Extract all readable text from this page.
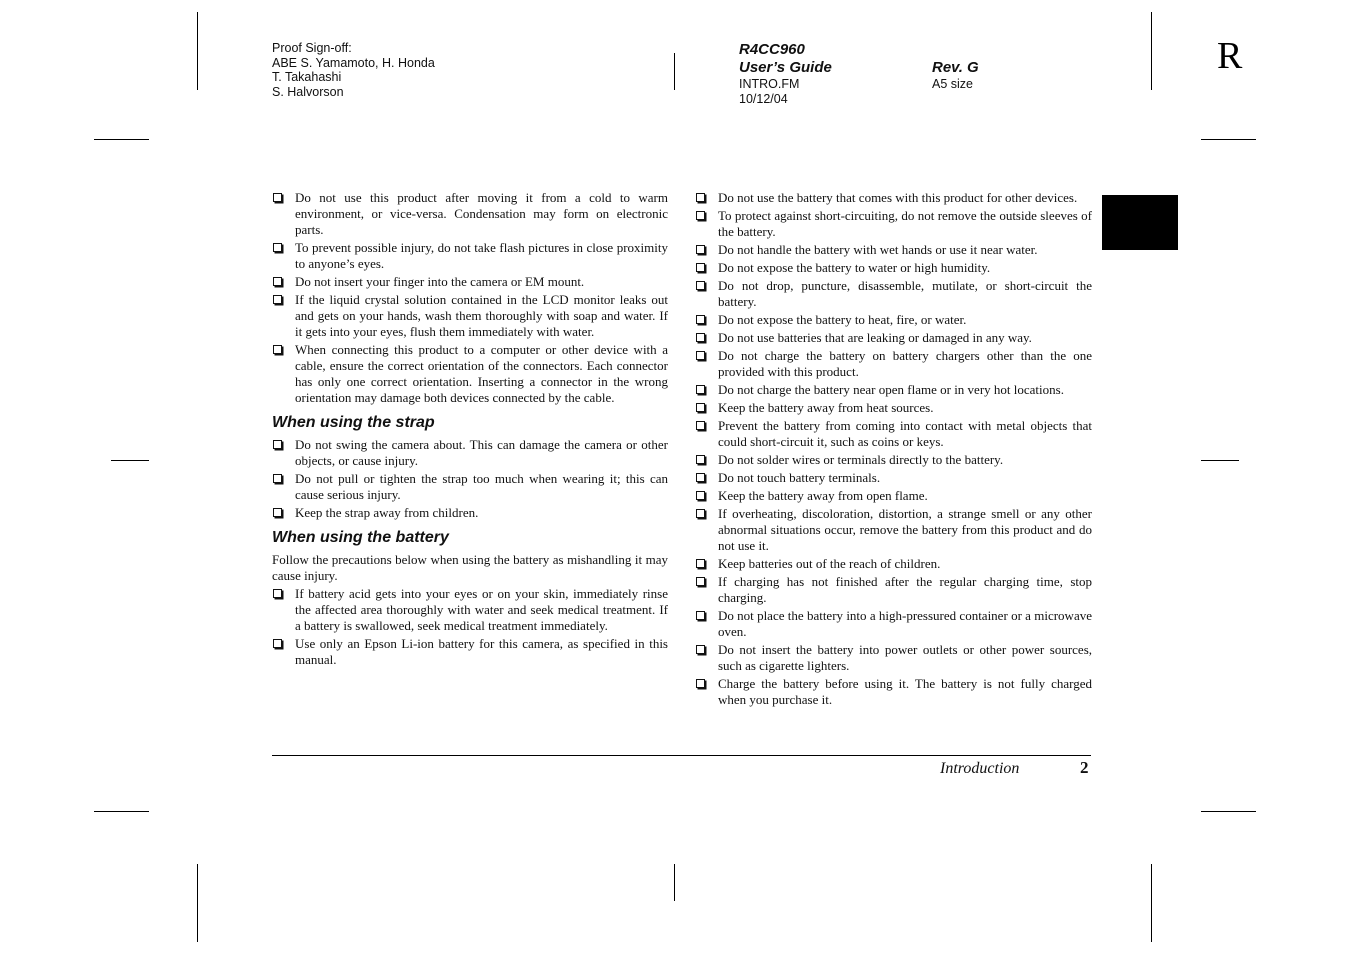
Proof Sign-off:
ABE S. Yamamoto, H. Honda
T. Takahashi
S. Halvorson
R4CC960
User’s Guide
INTRO.FM
10/12/04
Rev. G
A5 size
R
Do not use this product after moving it from a cold to warm environment, or vice-versa. Condensation may form on electronic parts.
To prevent possible injury, do not take flash pictures in close proximity to anyone’s eyes.
Do not insert your finger into the camera or EM mount.
If the liquid crystal solution contained in the LCD monitor leaks out and gets on your hands, wash them thoroughly with soap and water. If it gets into your eyes, flush them immediately with water.
When connecting this product to a computer or other device with a cable, ensure the correct orientation of the connectors. Each connector has only one correct orientation. Inserting a connector in the wrong orientation may damage both devices connected by the cable.
When using the strap
Do not swing the camera about. This can damage the camera or other objects, or cause injury.
Do not pull or tighten the strap too much when wearing it; this can cause serious injury.
Keep the strap away from children.
When using the battery

Follow the precautions below when using the battery as mishandling it may cause injury.

If battery acid gets into your eyes or on your skin, immediately rinse the affected area thoroughly with water and seek medical treatment. If a battery is swallowed, seek medical treatment immediately.
Use only an Epson Li-ion battery for this camera, as specified in this manual.
Do not use the battery that comes with this product for other devices.
To protect against short-circuiting, do not remove the outside sleeves of the battery.
Do not handle the battery with wet hands or use it near water.
Do not expose the battery to water or high humidity.
Do not drop, puncture, disassemble, mutilate, or short-circuit the battery.
Do not expose the battery to heat, fire, or water.
Do not use batteries that are leaking or damaged in any way.
Do not charge the battery on battery chargers other than the one provided with this product.
Do not charge the battery near open flame or in very hot locations.
Keep the battery away from heat sources.
Prevent the battery from coming into contact with metal objects that could short-circuit it, such as coins or keys.
Do not solder wires or terminals directly to the battery.
Do not touch battery terminals.
Keep the battery away from open flame.
If overheating, discoloration, distortion, a strange smell or any other abnormal situations occur, remove the battery from this product and do not use it.
Keep batteries out of the reach of children.
If charging has not finished after the regular charging time, stop charging.
Do not place the battery into a high-pressured container or a microwave oven.
Do not insert the battery into power outlets or other power sources, such as cigarette lighters.
Charge the battery before using it. The battery is not fully charged when you purchase it.
Introduction	2
